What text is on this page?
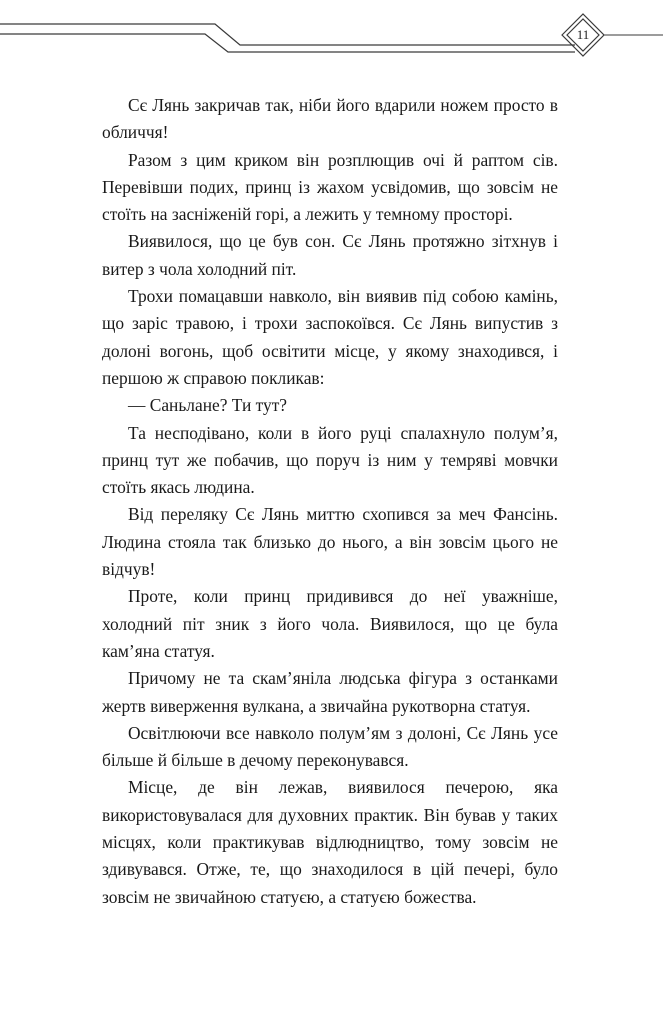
11

Сє Лянь закричав так, ніби його вдарили ножем просто в обличчя!

Разом з цим криком він розплющив очі й раптом сів. Перевівши подих, принц із жахом усвідомив, що зовсім не стоїть на засніженій горі, а лежить у темному просторі.

Виявилося, що це був сон. Сє Лянь протяжно зітхнув і витер з чола холодний піт.

Трохи помацавши навколо, він виявив під собою камінь, що заріс травою, і трохи заспокоївся. Сє Лянь випустив з долоні вогонь, щоб освітити місце, у якому знаходився, і першою ж справою покликав:

— Саньлане? Ти тут?

Та несподівано, коли в його руці спалахнуло полум’я, принц тут же побачив, що поруч із ним у темряві мовчки стоїть якась людина.

Від переляку Сє Лянь миттю схопився за меч Фансінь. Людина стояла так близько до нього, а він зовсім цього не відчув!

Проте, коли принц придивився до неї уважніше, холодний піт зник з його чола. Виявилося, що це була кам’яна статуя.

Причому не та скам’яніла людська фігура з останками жертв виверження вулкана, а звичайна рукотворна статуя.

Освітлюючи все навколо полум’ям з долоні, Сє Лянь усе більше й більше в дечому переконувався.

Місце, де він лежав, виявилося печерою, яка використовувалася для духовних практик. Він бував у таких місцях, коли практикував відлюдництво, тому зовсім не здивувався. Отже, те, що знаходилося в цій печері, було зовсім не звичайною статуєю, а статуєю божества.
